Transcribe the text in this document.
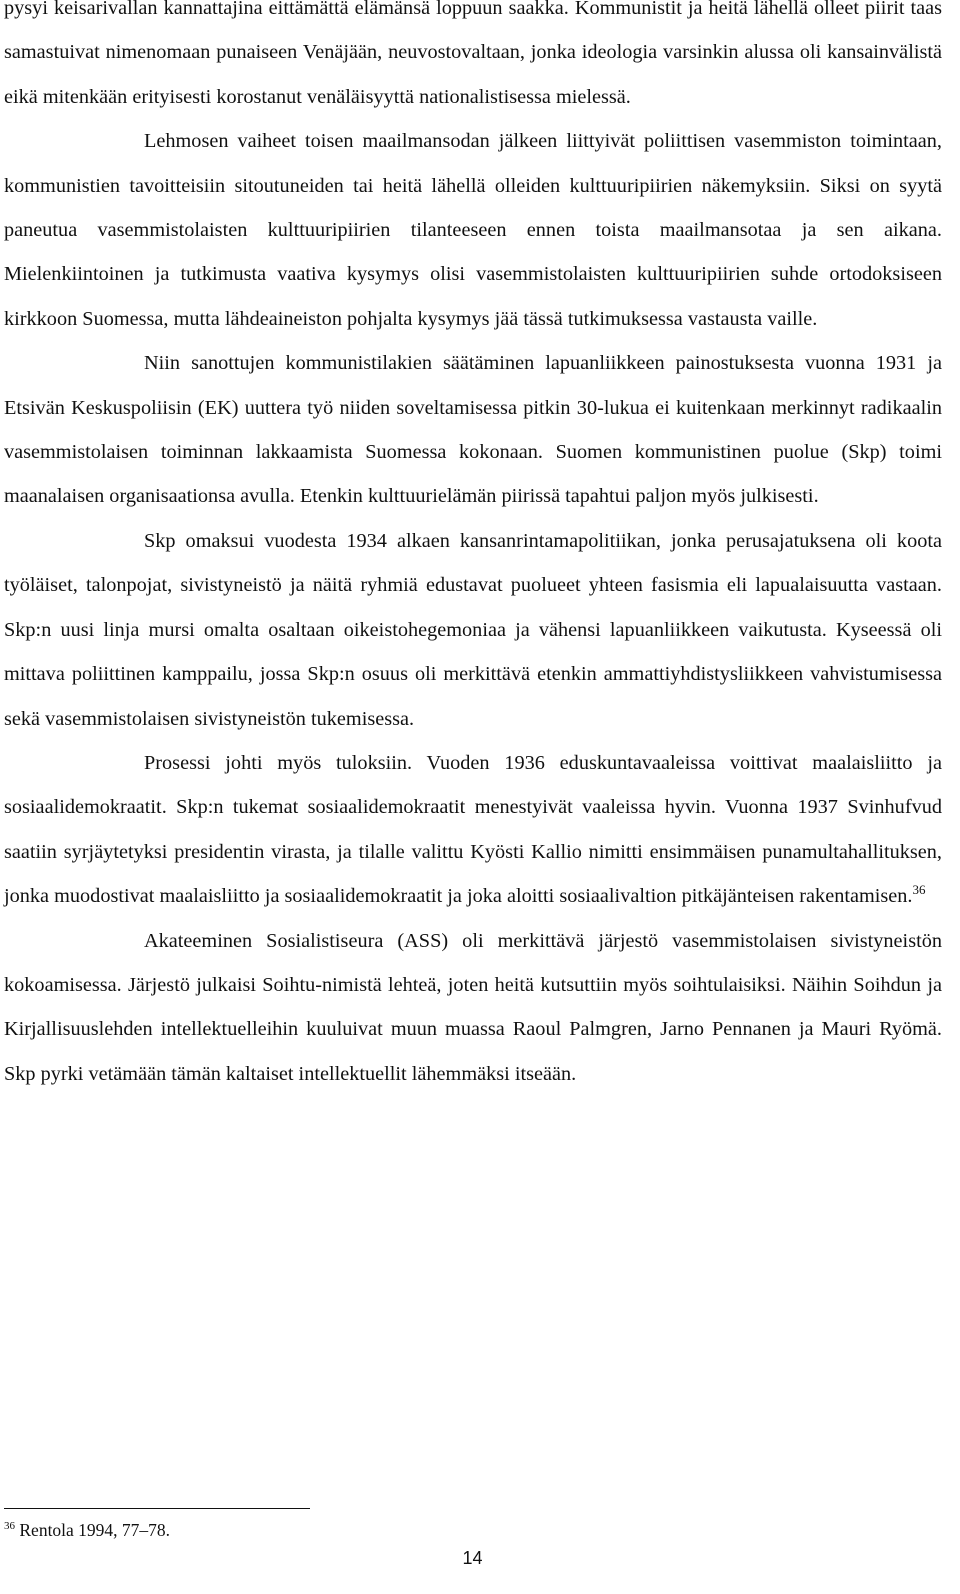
pysyi keisarivallan kannattajina eittämättä elämänsä loppuun saakka. Kommunistit ja heitä lähellä olleet piirit taas samastuivat nimenomaan punaiseen Venäjään, neuvostovaltaan, jonka ideologia varsinkin alussa oli kansainvälistä eikä mitenkään erityisesti korostanut venäläisyyttä nationalistisessa mielessä.

Lehmosen vaiheet toisen maailmansodan jälkeen liittyivät poliittisen vasemmiston toimintaan, kommunistien tavoitteisiin sitoutuneiden tai heitä lähellä olleiden kulttuuripiirien näkemyksiin. Siksi on syytä paneutua vasemmistolaisten kulttuuripiirien tilanteeseen ennen toista maailmansotaa ja sen aikana. Mielenkiintoinen ja tutkimusta vaativa kysymys olisi vasemmistolaisten kulttuuripiirien suhde ortodoksiseen kirkkoon Suomessa, mutta lähdeaineiston pohjalta kysymys jää tässä tutkimuksessa vastausta vaille.

Niin sanottujen kommunistilakien säätäminen lapuanliikkeen painostuksesta vuonna 1931 ja Etsivän Keskuspoliisin (EK) uuttera työ niiden soveltamisessa pitkin 30-lukua ei kuitenkaan merkinnyt radikaalin vasemmistolaisen toiminnan lakkaamista Suomessa kokonaan. Suomen kommunistinen puolue (Skp) toimi maanalaisen organisaationsa avulla. Etenkin kulttuurielämän piirissä tapahtui paljon myös julkisesti.

Skp omaksui vuodesta 1934 alkaen kansanrintamapolitiikan, jonka perusajatuksena oli koota työläiset, talonpojat, sivistyneistö ja näitä ryhmiä edustavat puolueet yhteen fasismia eli lapualaisuutta vastaan. Skp:n uusi linja mursi omalta osaltaan oikeistohegemoniaa ja vähensi lapuanliikkeen vaikutusta. Kyseessä oli mittava poliittinen kamppailu, jossa Skp:n osuus oli merkittävä etenkin ammattiyhdistysliikkeen vahvistumisessa sekä vasemmistolaisen sivistyneistön tukemisessa.

Prosessi johti myös tuloksiin. Vuoden 1936 eduskuntavaaleissa voittivat maalaisliitto ja sosiaalidemokraatit. Skp:n tukemat sosiaalidemokraatit menestyivät vaaleissa hyvin. Vuonna 1937 Svinhufvud saatiin syrjäytetyksi presidentin virasta, ja tilalle valittu Kyösti Kallio nimitti ensimmäisen punamultahallituksen, jonka muodostivat maalaisliitto ja sosiaalidemokraatit ja joka aloitti sosiaalivaltion pitkäjänteisen rakentamisen.$^{36}$

Akateeminen Sosialistiseura (ASS) oli merkittävä järjestö vasemmistolaisen sivistyneistön kokoamisessa. Järjestö julkaisi Soihtu-nimistä lehteä, joten heitä kutsuttiin myös soihtulaisiksi. Näihin Soihdun ja Kirjallisuuslehden intellektuelleihin kuuluivat muun muassa Raoul Palmgren, Jarno Pennanen ja Mauri Ryömä. Skp pyrki vetämään tämän kaltaiset intellektuellit lähemmäksi itseään.

$^{36}$ Rentola 1994, 77–78.

14
